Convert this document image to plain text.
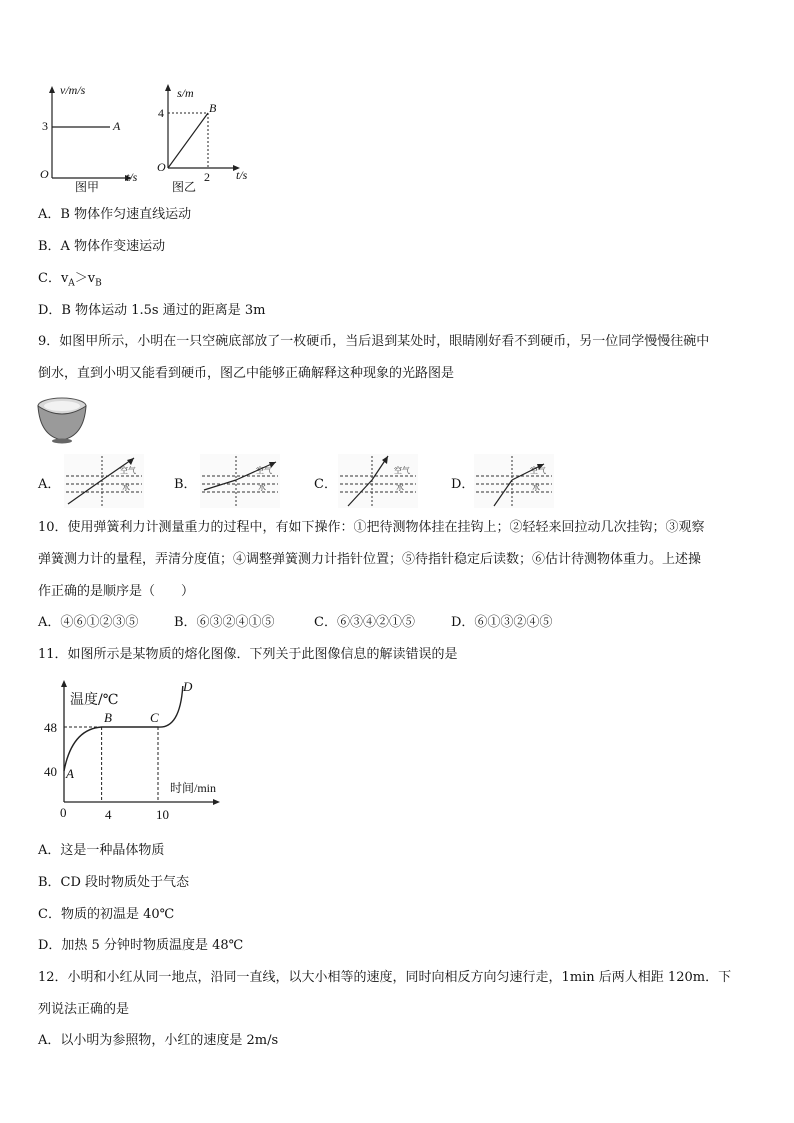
v/m/s
3
O	t/s
A
图甲
s/m
4
O
t/s
2
B
图乙
A．B 物体作匀速直线运动
B．A 物体作变速运动
C．$v_A>v_B$
D．B 物体运动 1.5s 通过的距离是 3m
9．如图甲所示，小明在一只空碗底部放了一枚硬币，当后退到某处时，眼睛刚好看不到硬币，另一位同学慢慢往碗中
倒水，直到小明又能看到硬币，图乙中能够正确解释这种现象的光路图是
A．	B．	C．	D．
空气
水
空气
水
空气
水
空气
水
10．使用弹簧利力计测量重力的过程中，有如下操作：①把待测物体挂在挂钩上；②轻轻来回拉动几次挂钩；③观察
弹簧测力计的量程，弄清分度值；④调整弹簧测力计指针位置；⑤待指针稳定后读数；⑥估计待测物体重力。上述操
作正确的是顺序是（　　）
A．④⑥①②③⑤	B．⑥③②④①⑤	C．⑥③④②①⑤	D．⑥①③②④⑤
11．如图所示是某物质的熔化图像．下列关于此图像信息的解读错误的是
温度/℃
时间/min
48
40
0	4	10
A
B	C
D
A．这是一种晶体物质
B．CD 段时物质处于气态
C．物质的初温是 40℃
D．加热 5 分钟时物质温度是 48℃
12．小明和小红从同一地点，沿同一直线，以大小相等的速度，同时向相反方向匀速行走，1min 后两人相距 120m．下
列说法正确的是
A．以小明为参照物，小红的速度是 2m/s
